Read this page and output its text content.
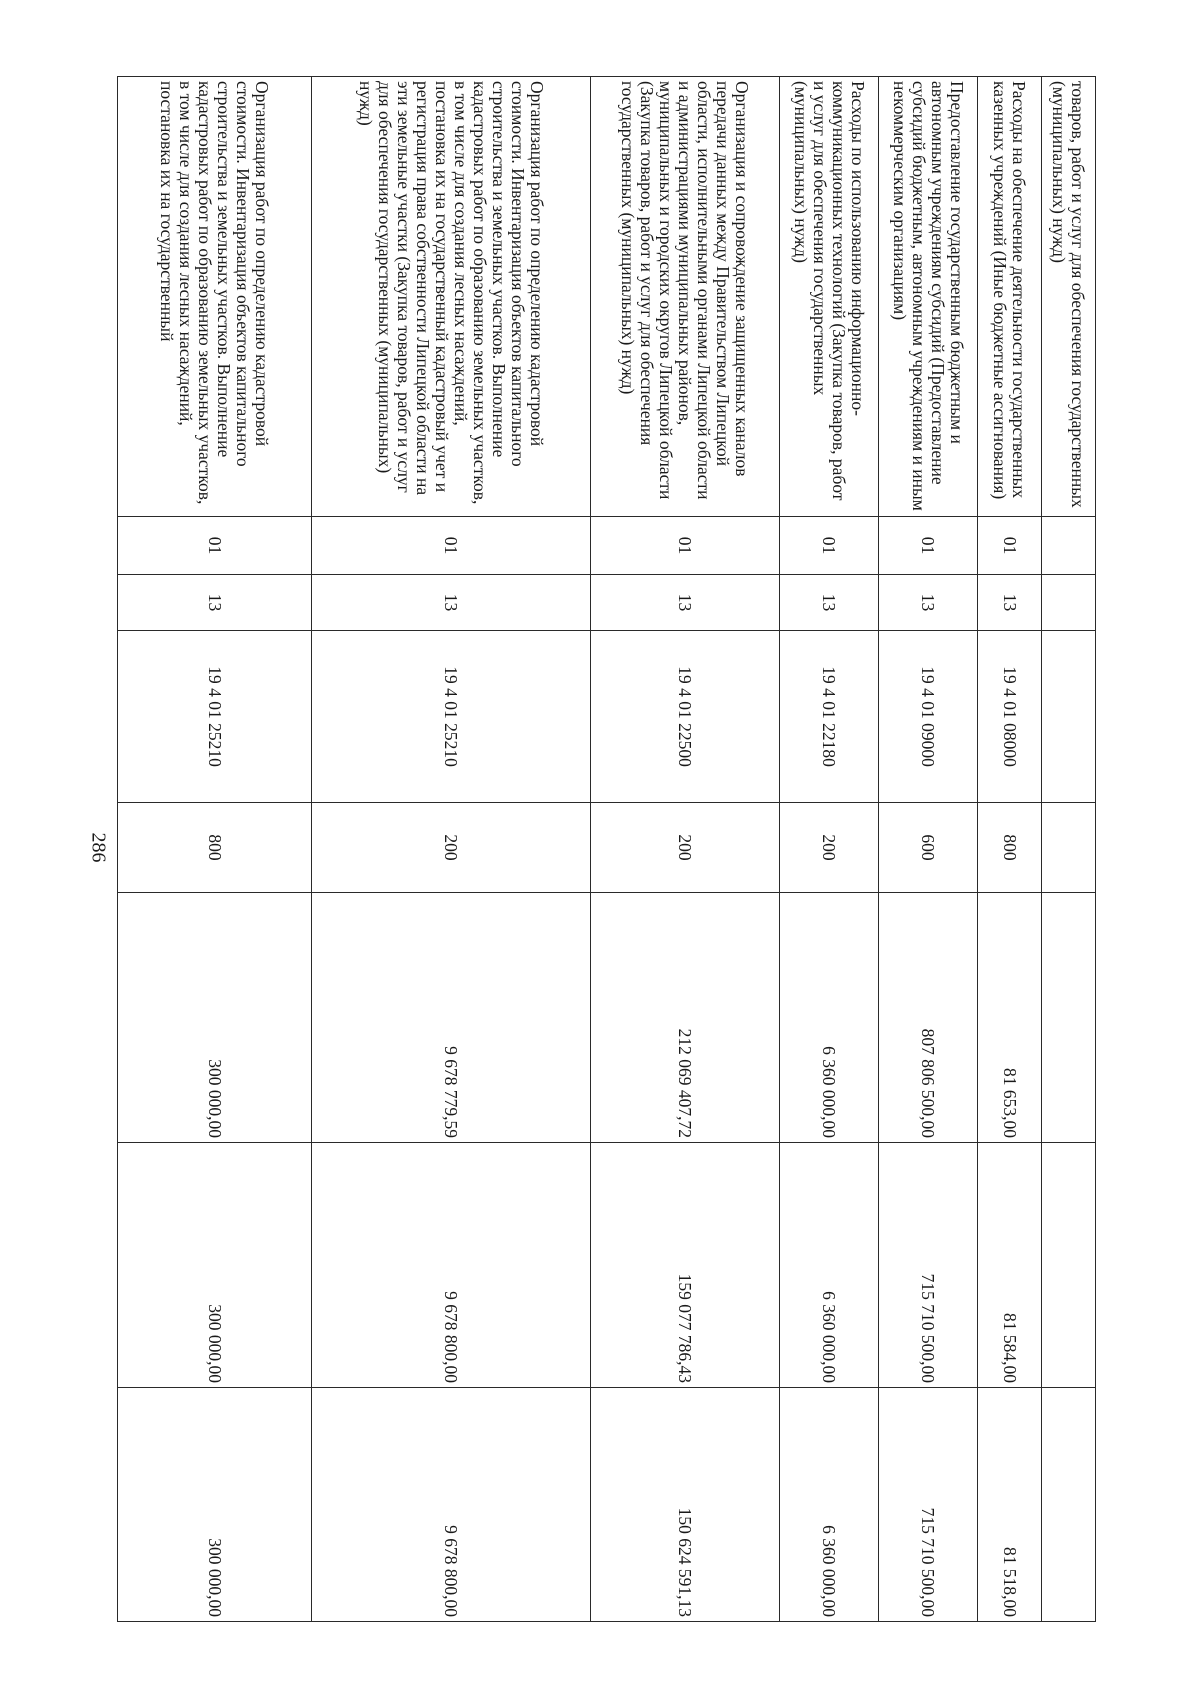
286
товаров, работ и услуг для обеспечения государственных (муниципальных) нужд)							
Расходы на обеспечение деятельности государственных казенных учреждений (Иные бюджетные ассигнования)	01	13	19 4 01 08000	800	81 653,00	81 584,00	81 518,00
Предоставление государственным бюджетным и автономным учреждениям субсидий (Предоставление субсидий бюджетным, автономным учреждениям и иным некоммерческим организациям)	01	13	19 4 01 09000	600	807 806 500,00	715 710 500,00	715 710 500,00
Расходы по использованию информационно-коммуникационных технологий (Закупка товаров, работ и услуг для обеспечения государственных (муниципальных) нужд)	01	13	19 4 01 22180	200	6 360 000,00	6 360 000,00	6 360 000,00
Организация и сопровождение защищенных каналов передачи данных между Правительством Липецкой области, исполнительными органами Липецкой области и администрациями муниципальных районов, муниципальных и городских округов Липецкой области (Закупка товаров, работ и услуг для обеспечения государственных (муниципальных) нужд)	01	13	19 4 01 22500	200	212 069 407,72	159 077 786,43	150 624 591,13
Организация работ по определению кадастровой стоимости. Инвентаризация объектов капитального строительства и земельных участков. Выполнение кадастровых работ по образованию земельных участков, в том числе для создания лесных насаждений, постановка их на государственный кадастровый учет и регистрация права собственности Липецкой области на эти земельные участки (Закупка товаров, работ и услуг для обеспечения государственных (муниципальных) нужд)	01	13	19 4 01 25210	200	9 678 779,59	9 678 800,00	9 678 800,00
Организация работ по определению кадастровой стоимости. Инвентаризация объектов капитального строительства и земельных участков. Выполнение кадастровых работ по образованию земельных участков, в том числе для создания лесных насаждений, постановка их на государственный	01	13	19 4 01 25210	800	300 000,00	300 000,00	300 000,00
